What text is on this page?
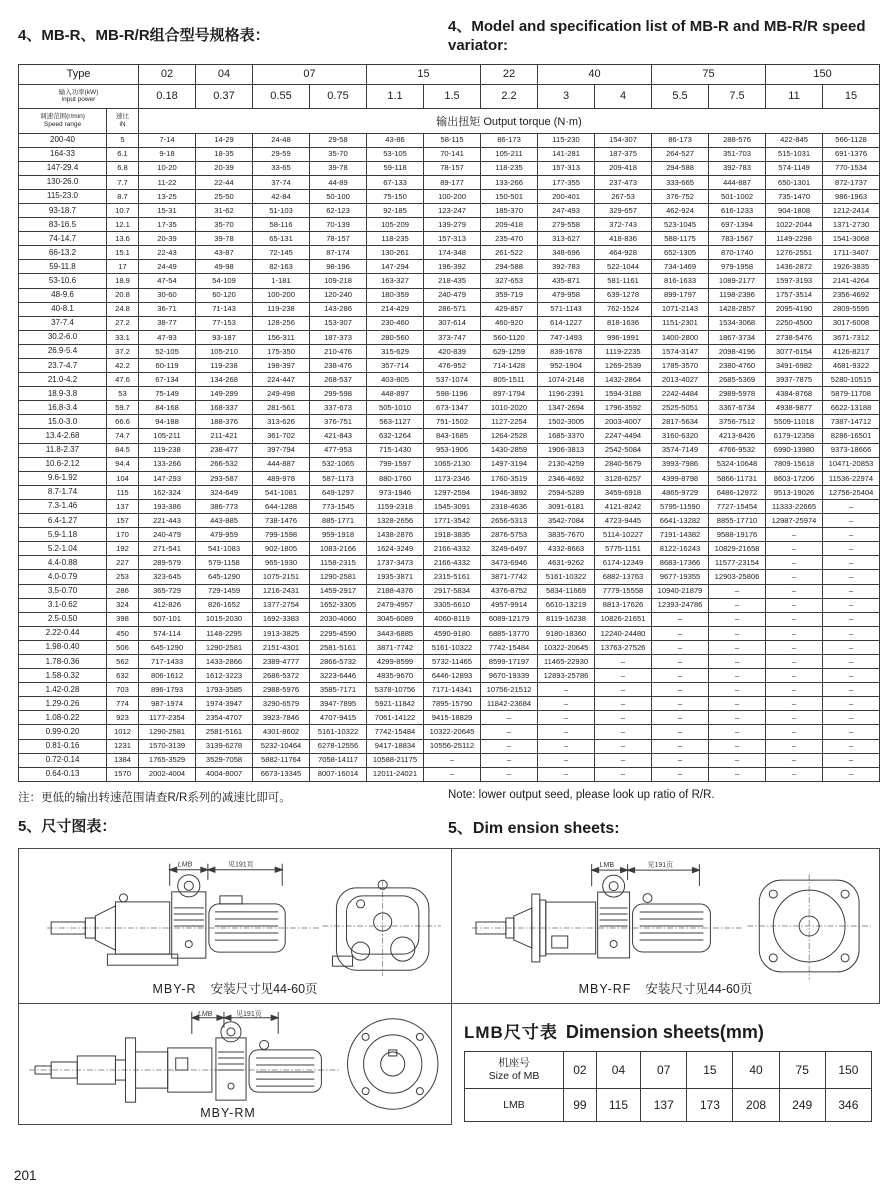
4、MB-R、MB-R/R组合型号规格表：
4、Model and specification list of MB-R and MB-R/R speed variator:
Type		02	04	07		15		22	40		75		150	

输入功率(kW)
input power		0.18	0.37	0.55	0.75	1.1	1.5	2.2	3	4	5.5	7.5	11	15

调速范围(r/min)
Speed range

速比
iN	输出扭矩 Output torque (N·m)
200-40	5	7-14	14-29	24-48	29-58	43-86	58-115	86-173	115-230	154-307	86-173	288-576	422-845	566-1128
164-33	6.1	9-18	18-35	29-59	35-70	53-105	70-141	105-211	141-281	187-375	264-527	351-703	515-1031	691-1376
147-29.4	6.8	10-20	20-39	33-65	39-78	59-118	78-157	118-235	157-313	209-418	294-588	392-783	574-1149	770-1534
130-26.0	7.7	11-22	22-44	37-74	44-89	67-133	89-177	133-266	177-355	237-473	333-665	444-887	650-1301	872-1737
115-23.0	8.7	13-25	25-50	42-84	50-100	75-150	100-200	150-501	200-401	267-53	376-752	501-1002	735-1470	986-1963
93-18.7	10.7	15-31	31-62	51-103	62-123	92-185	123-247	185-370	247-493	329-657	462-924	616-1233	904-1808	1212-2414
83-16.5	12.1	17-35	35-70	58-116	70-139	105-209	139-279	209-418	279-558	372-743	523-1045	697-1394	1022-2044	1371-2730
74-14.7	13.6	20-39	39-78	65-131	78-157	118-235	157-313	235-470	313-627	418-836	588-1175	783-1567	1149-2298	1541-3068
66-13.2	15.1	22-43	43-87	72-145	87-174	130-261	174-348	261-522	348-696	464-928	652-1305	870-1740	1276-2551	1711-3407
59-11.8	17	24-49	49-98	82-163	98-196	147-294	196-392	294-588	392-783	522-1044	734-1469	979-1958	1436-2872	1926-3835
53-10.6	18.9	47-54	54-109	1-181	109-218	163-327	218-435	327-653	435-871	581-1161	816-1633	1089-2177	1597-3193	2141-4264
48-9.6	20.8	30-60	60-120	100-200	120-240	180-359	240-479	359-719	479-958	639-1278	899-1797	1198-2396	1757-3514	2356-4692
40-8.1	24.8	36-71	71-143	119-238	143-286	214-429	286-571	429-857	571-1143	762-1524	1071-2143	1428-2857	2095-4190	2809-5595
37-7.4	27.2	38-77	77-153	128-256	153-307	230-460	307-614	460-920	614-1227	818-1636	1151-2301	1534-3068	2250-4500	3017-6008
30.2-6.0	33.1	47-93	93-187	156-311	187-373	280-560	373-747	560-1120	747-1493	996-1991	1400-2800	1867-3734	2738-5476	3671-7312
26.9-5.4	37.2	52-105	105-210	175-350	210-476	315-629	420-839	629-1259	839-1678	1119-2235	1574-3147	2098-4196	3077-6154	4126-8217
23.7-4.7	42.2	60-119	119-238	198-397	238-476	357-714	476-952	714-1428	952-1904	1269-2539	1785-3570	2380-4760	3491-6982	4681-9322
21.0-4.2	47.6	67-134	134-268	224-447	268-537	403-805	537-1074	805-1511	1074-2148	1432-2864	2013-4027	2685-5369	3937-7875	5280-10515
18.9-3.8	53	75-149	149-299	249-498	299-598	448-897	598-1196	897-1794	1196-2391	1594-3188	2242-4484	2989-5978	4384-8768	5879-11708
16.8-3.4	59.7	84-168	168-337	281-561	337-673	505-1010	673-1347	1010-2020	1347-2694	1796-3592	2525-5051	3367-6734	4938-9877	6622-13188
15.0-3.0	66.6	94-188	188-376	313-626	376-751	563-1127	751-1502	1127-2254	1502-3005	2003-4007	2817-5634	3756-7512	5509-11018	7387-14712
13.4-2.68	74.7	105-211	211-421	361-702	421-843	632-1264	843-1685	1264-2528	1685-3370	2247-4494	3160-6320	4213-8426	6179-12358	8286-16501
11.8-2.37	84.5	119-238	238-477	397-794	477-953	715-1430	953-1906	1430-2859	1906-3813	2542-5084	3574-7149	4766-9532	6990-13980	9373-18666
10.6-2.12	94.4	133-266	266-532	444-887	532-1065	799-1597	1065-2130	1497-3194	2130-4259	2840-5679	3993-7986	5324-10648	7809-15618	10471-20853
9.6-1.92	104	147-293	293-587	489-978	587-1173	880-1760	1173-2346	1760-3519	2346-4692	3128-6257	4399-8798	5866-11731	8603-17206	11536-22974
8.7-1.74	115	162-324	324-649	541-1081	649-1297	973-1946	1297-2594	1946-3892	2594-5289	3459-6918	4865-9729	6486-12972	9513-19026	12756-25404
7.3-1.46	137	193-386	386-773	644-1288	773-1545	1159-2318	1545-3091	2318-4636	3091-6181	4121-8242	5795-11590	7727-15454	11333-22665	–
6.4-1.27	157	221-443	443-885	738-1476	885-1771	1328-2656	1771-3542	2656-5313	3542-7084	4723-9445	6641-13282	8855-17710	12987-25974	–
5.9-1.18	170	240-479	479-959	799-1598	959-1918	1438-2876	1918-3835	2876-5753	3835-7670	5114-10227	7191-14382	9588-19176	–	–
5.2-1.04	192	271-541	541-1083	902-1805	1083-2166	1624-3249	2166-4332	3249-6497	4332-8663	5775-1151	8122-16243	10829-21658	–	–
4.4-0.88	227	289-579	579-1158	965-1930	1158-2315	1737-3473	2166-4332	3473-6946	4631-9262	6174-12349	8683-17366	11577-23154	–	–
4.0-0.79	253	323-645	645-1290	1075-2151	1290-2581	1935-3871	2315-5161	3871-7742	5161-10322	6882-13763	9677-19355	12903-25806	–	–
3.5-0.70	286	365-729	729-1459	1216-2431	1459-2917	2188-4376	2917-5834	4376-8752	5834-11669	7779-15558	10940-21879	–	–	–
3.1-0.62	324	412-826	826-1652	1377-2754	1652-3305	2479-4957	3305-6610	4957-9914	6610-13219	8813-17626	12393-24786	–	–	–
2.5-0.50	398	507-101	1015-2030	1692-3383	2030-4060	3045-6089	4060-8119	6089-12179	8119-16238	10826-21651	–	–	–	–
2.22-0.44	450	574-114	1148-2295	1913-3825	2295-4590	3443-6885	4590-9180	6885-13770	9180-18360	12240-24480	–	–	–	–
1.98-0.40	506	645-1290	1290-2581	2151-4301	2581-5161	3871-7742	5161-10322	7742-15484	10322-20645	13763-27526	–	–	–	–
1.78-0.36	562	717-1433	1433-2866	2389-4777	2866-5732	4299-8599	5732-11465	8599-17197	11465-22930	–	–	–	–	–
1.58-0.32	632	806-1612	1612-3223	2686-5372	3223-6446	4835-9670	6446-12893	9670-19339	12893-25786	–	–	–	–	–
1.42-0.28	703	896-1793	1793-3585	2988-5976	3585-7171	5378-10756	7171-14341	10756-21512	–	–	–	–	–	–
1.29-0.26	774	987-1974	1974-3947	3290-6579	3947-7895	5921-11842	7895-15790	11842-23684	–	–	–	–	–	–
1.08-0.22	923	1177-2354	2354-4707	3923-7846	4707-9415	7061-14122	9415-18829	–	–	–	–	–	–	–
0.99-0.20	1012	1290-2581	2581-5161	4301-8602	5161-10322	7742-15484	10322-20645	–	–	–	–	–	–	–
0.81-0.16	1231	1570-3139	3139-6278	5232-10464	6278-12556	9417-18834	10556-25112	–	–	–	–	–	–	–
0.72-0.14	1384	1765-3529	3529-7058	5882-11764	7058-14117	10588-21175	–	–	–	–	–	–	–	–
0.64-0.13	1570	2002-4004	4004-8007	6673-13345	8007-16014	12011-24021	–	–	–	–	–	–	–	–
注：更低的输出转速范围请查R/R系列的减速比即可。	Note: lower output seed, please look up ratio of R/R.
5、尺寸图表：	5、Dim ension sheets:
LMB	见191页
MBY-R 安装尺寸见44-60页
LMB	见191页
MBY-RM
LMB	见191页
MBY-RF 安装尺寸见44-60页
LMB尺寸表 Dimension sheets(mm)
机座号
Size of MB	02	04	07	15	40	75	150
LMB	99	115	137	173	208	249	346
201
